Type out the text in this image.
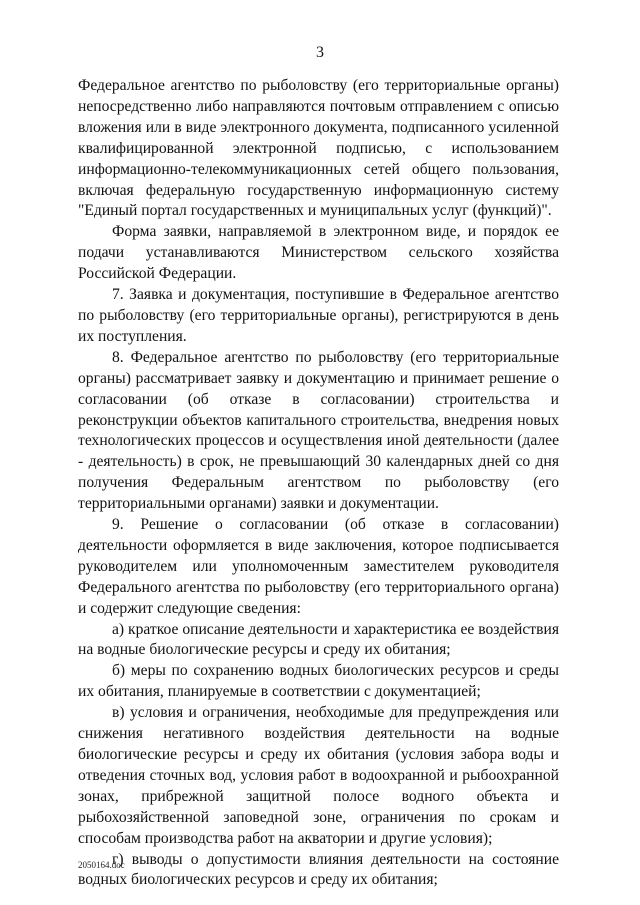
3

Федеральное агентство по рыболовству (его территориальные органы) непосредственно либо направляются почтовым отправлением с описью вложения или в виде электронного документа, подписанного усиленной квалифицированной электронной подписью, с использованием информационно-телекоммуникационных сетей общего пользования, включая федеральную государственную информационную систему "Единый портал государственных и муниципальных услуг (функций)".

Форма заявки, направляемой в электронном виде, и порядок ее подачи устанавливаются Министерством сельского хозяйства Российской Федерации.

7. Заявка и документация, поступившие в Федеральное агентство по рыболовству (его территориальные органы), регистрируются в день их поступления.

8. Федеральное агентство по рыболовству (его территориальные органы) рассматривает заявку и документацию и принимает решение о согласовании (об отказе в согласовании) строительства и реконструкции объектов капитального строительства, внедрения новых технологических процессов и осуществления иной деятельности (далее - деятельность) в срок, не превышающий 30 календарных дней со дня получения Федеральным агентством по рыболовству (его территориальными органами) заявки и документации.

9. Решение о согласовании (об отказе в согласовании) деятельности оформляется в виде заключения, которое подписывается руководителем или уполномоченным заместителем руководителя Федерального агентства по рыболовству (его территориального органа) и содержит следующие сведения:

а) краткое описание деятельности и характеристика ее воздействия на водные биологические ресурсы и среду их обитания;

б) меры по сохранению водных биологических ресурсов и среды их обитания, планируемые в соответствии с документацией;

в) условия и ограничения, необходимые для предупреждения или снижения негативного воздействия деятельности на водные биологические ресурсы и среду их обитания (условия забора воды и отведения сточных вод, условия работ в водоохранной и рыбоохранной зонах, прибрежной защитной полосе водного объекта и рыбохозяйственной заповедной зоне, ограничения по срокам и способам производства работ на акватории и другие условия);

г) выводы о допустимости влияния деятельности на состояние водных биологических ресурсов и среду их обитания;

2050164.doc
